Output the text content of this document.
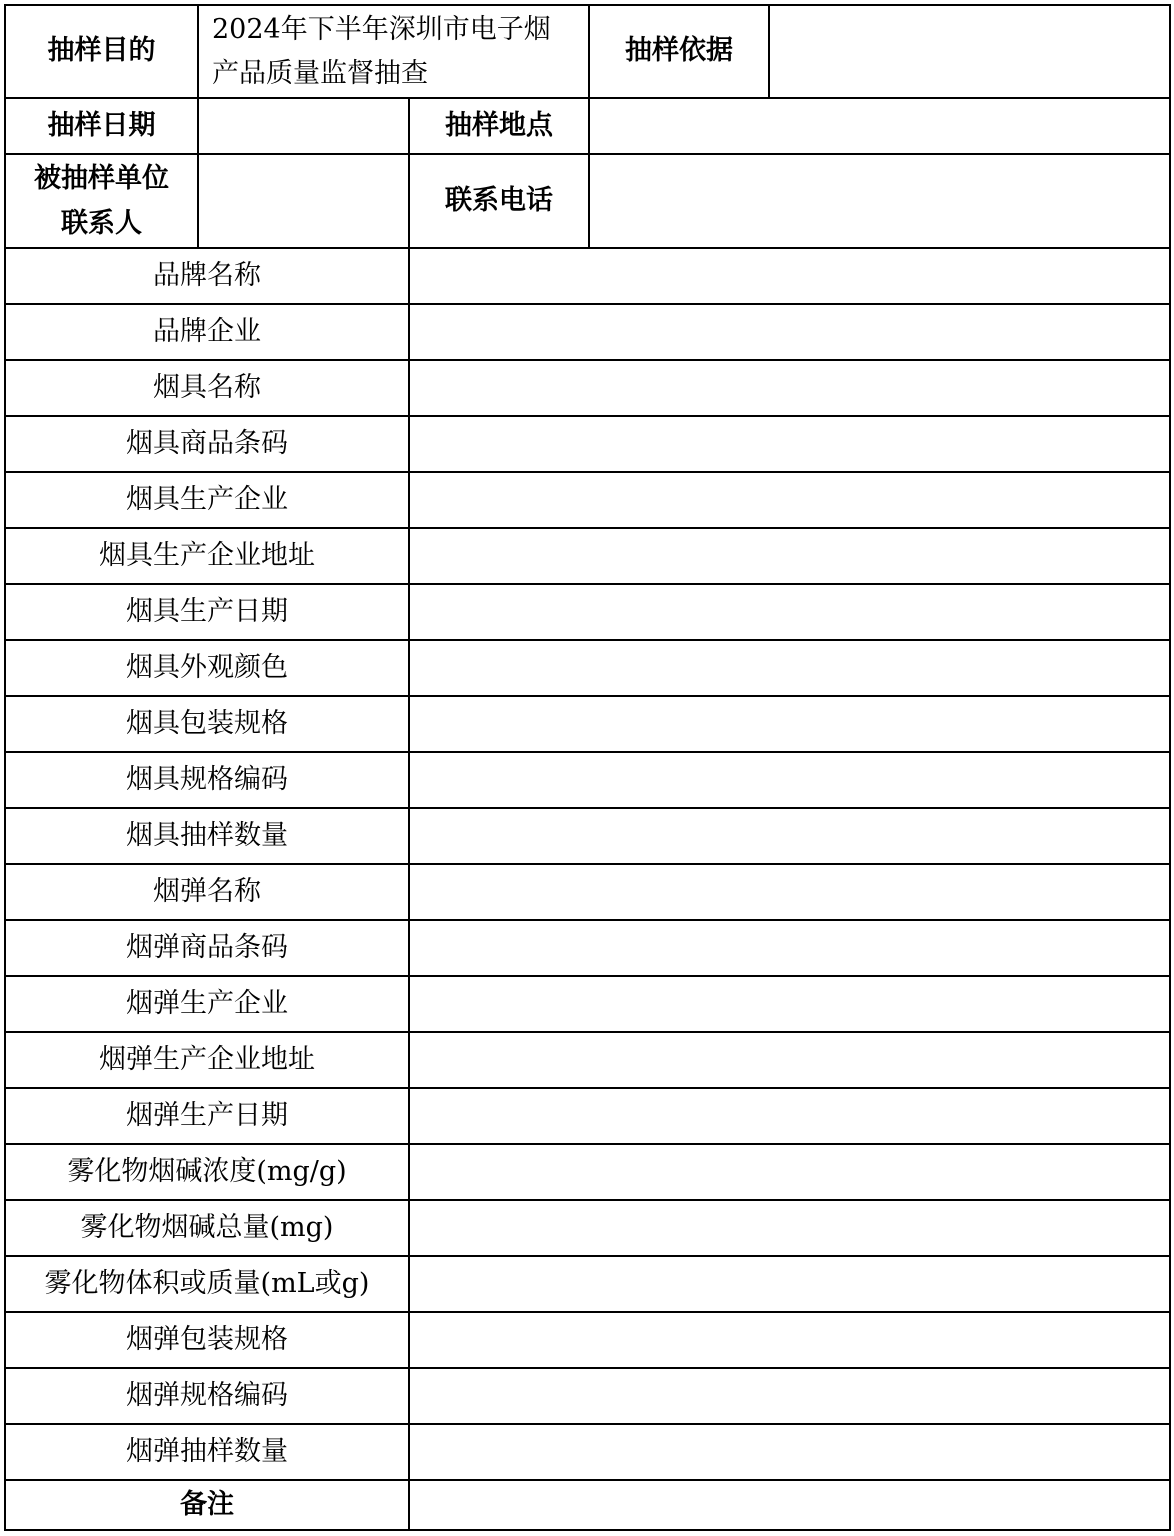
抽样目的
2024年下半年深圳市电子烟
产品质量监督抽查
抽样依据
抽样日期	抽样地点
被抽样单位
联系人
联系电话
品牌名称
品牌企业
烟具名称
烟具商品条码
烟具生产企业
烟具生产企业地址
烟具生产日期
烟具外观颜色
烟具包装规格
烟具规格编码
烟具抽样数量
烟弹名称
烟弹商品条码
烟弹生产企业
烟弹生产企业地址
烟弹生产日期
雾化物烟碱浓度(mg/g)
雾化物烟碱总量(mg)
雾化物体积或质量(mL或g)
烟弹包装规格
烟弹规格编码
烟弹抽样数量
备注
